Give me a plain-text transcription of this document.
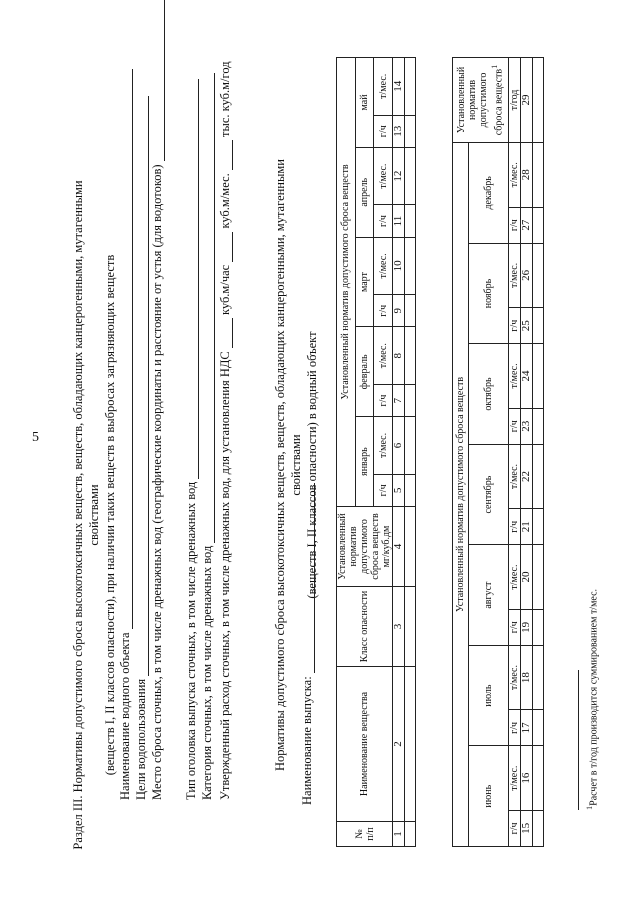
5	Раздел III. Нормативы допустимого сброса высокотоксичных веществ, веществ, обладающих канцерогенными, мутагенными свойствами (веществ I, II классов опасности), при наличии таких веществ в выбросах загрязняющих веществ Наименование водного объекта Цели водопользования Место сброса сточных, в том числе дренажных вод (географические координаты и расстояние от устья (для водотоков) Тип оголовка выпуска сточных, в том числе дренажных вод Категория сточных, в том числе дренажных вод Утвержденный расход сточных, в том числе дренажных вод, для установления НДС  куб.м/час  куб.м/мес.  тыс. куб.м/год
Нормативы допустимого сброса высокотоксичных веществ, веществ, обладающих канцерогенными, мутагенными свойствами (веществ I, II классов опасности) в водный объект
Наименование выпуска:
№ п/п	Наименование вещества	Класс опасности	Установленный норматив допустимого сброса веществ мг/куб.дм	Установленный норматив допустимого сброса веществ									
				январь		февраль		март		апрель		май	
				г/ч	т/мес.	г/ч	т/мес.	г/ч	т/мес.	г/ч	т/мес.	г/ч	т/мес.
1	2	3	4	5	6	7	8	9	10	11	12	13	14

Установленный норматив допустимого сброса веществ														Установленный норматив допустимого сброса веществ$^1$
июнь		июль		август		сентябрь		октябрь		ноябрь		декабрь		
г/ч	т/мес.	г/ч	т/мес.	г/ч	т/мес.	г/ч	т/мес.	г/ч	т/мес.	г/ч	т/мес.	г/ч	т/мес.	т/год
15	16	17	18	19	20	21	22	23	24	25	26	27	28	29

$^1$Расчет в т/год производится суммированием т/мес.
